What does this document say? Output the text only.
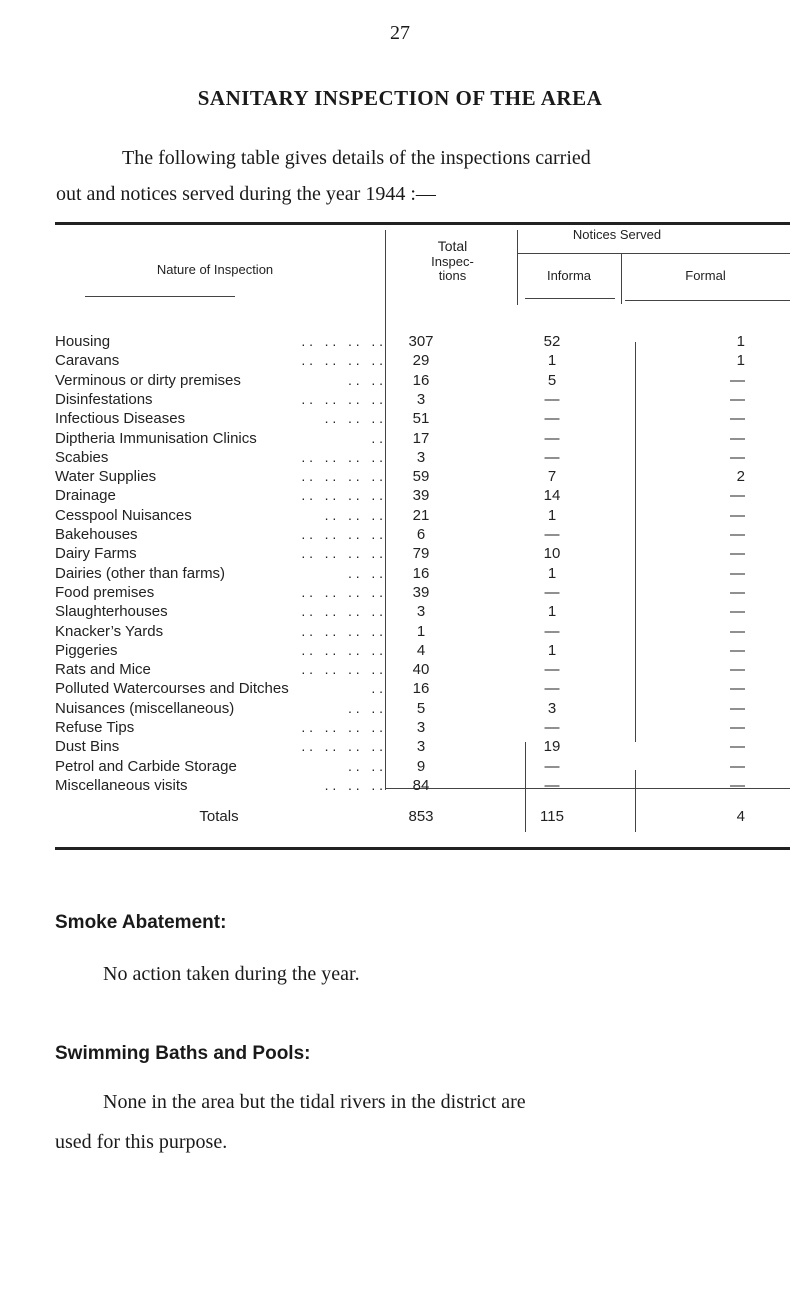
27
SANITARY INSPECTION OF THE AREA
The following table gives details of the inspections carried
out and notices served during the year 1944 :—
Nature of Inspection
Total
Inspec-
tions
Notices Served
Informa	Formal
Housing	307	52	1
. .   . .   . .   . .
Caravans	29	1	1
. .   . .   . .   . .
Verminous or dirty premises	16	5	—
. .   . .
Disinfestations	3	—	—
. .   . .   . .   . .
Infectious Diseases	51	—	—
. .   . .   . .
Diptheria Immunisation Clinics	17	—	—
. .
Scabies	3	—	—
. .   . .   . .   . .
Water Supplies	59	7	2
. .   . .   . .   . .
Drainage	39	14	—
. .   . .   . .   . .
Cesspool Nuisances	21	1	—
. .   . .   . .
Bakehouses	6	—	—
. .   . .   . .   . .
Dairy Farms	79	10	—
. .   . .   . .   . .
Dairies (other than farms)	16	1	—
. .   . .
Food premises	39	—	—
. .   . .   . .   . .
Slaughterhouses	3	1	—
. .   . .   . .   . .
Knacker’s Yards	1	—	—
. .   . .   . .   . .
Piggeries	4	1	—
. .   . .   . .   . .
Rats and Mice	40	—	—
. .   . .   . .   . .
Polluted Watercourses and Ditches	16	—	—
. .
Nuisances (miscellaneous)	5	3	—
. .   . .
Refuse Tips	3	—	—
. .   . .   . .   . .
Dust Bins	3	19	—
. .   . .   . .   . .
Petrol and Carbide Storage	9	—	—
. .   . .
Miscellaneous visits	84	—	—
. .   . .   . .
Totals	853	115	4
Smoke Abatement:
No action taken during the year.
Swimming Baths and Pools:
None in the area but the tidal rivers in the district are
used for this purpose.
